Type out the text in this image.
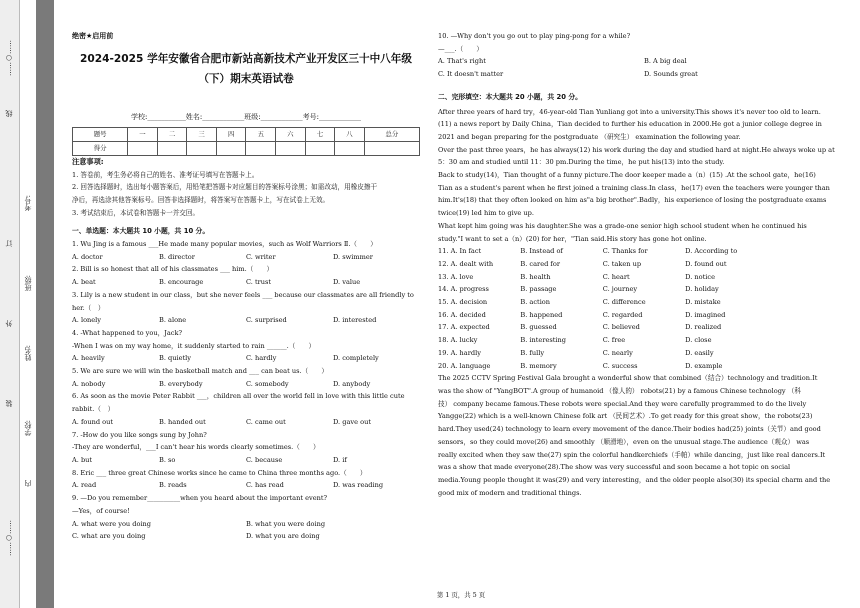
……○……
线
订
外
装
……○……
考号:
班级:
姓名:
学校:
内

绝密★启用前

2024-2025 学年安徽省合肥市新站高新技术产业开发区三十中八年级

（下）期末英语试卷

学校:___________姓名:____________班级:____________考号:____________
题号	一	二	三	四	五	六	七	八	总分
得分									
注意事项:
1. 答卷前，考生务必将自己的姓名、准考证号填写在答题卡上。
2. 回答选择题时，选出每小题答案后，用铅笔把答题卡对应题目的答案标号涂黑；如需改动，用橡皮擦干
净后，再选涂其他答案标号。回答非选择题时，将答案写在答题卡上，写在试卷上无效。
3. 考试结束后，本试卷和答题卡一并交回。
一、单选题：本大题共 10 小题，共 10 分。
1. Wu Jing is a famous ___He made many popular movies，such as Wolf Warriors Ⅱ.（　　）
A. doctor	B. director	C. writer	D. swimmer
2. Bill is so honest that all of his classmates ___ him.（　　）
A. beat	B. encourage	C. trust	D. value
3. Lily is a new student in our class，but she never feels ___ because our classmates are all friendly to her.（　）
A. lonely	B. alone	C. surprised	D. interested
4. -What happened to you，Jack?
-When I was on my way home，it suddenly started to rain ______.（　　）
A. heavily	B. quietly	C. hardly	D. completely
5. We are sure we will win the basketball match and ___ can beat us.（　　）
A. nobody	B. everybody	C. somebody	D. anybody
6. As soon as the movie Peter Rabbit ___，children all over the world fell in love with this little cute rabbit.（　）
A. found out	B. handed out	C. came out	D. gave out
7. -How do you like songs sung by John?
-They are wonderful，___I can't hear his words clearly sometimes.（　　）
A. but	B. so	C. because	D. if
8. Eric ___ three great Chinese works since he came to China three months ago.（　　）
A. read	B. reads	C. has read	D. was reading
9. —Do you remember__________when you heard about the important event?
—Yes，of course!
A. what were you doing	B. what you were doing
C. what are you doing	D. what you are doing

10. —Why don't you go out to play ping-pong for a while?

—___.（　　）

A. That's right	B. A big deal
C. It doesn't matter	D. Sounds great
二、完形填空：本大题共 20 小题，共 20 分。
After three years of hard try，46-year-old Tian Yunliang got into a university.This shows it's never too old to learn.
(11) a news report by Daily China，Tian decided to further his education in 2000.He got a junior college degree in
2021 and began preparing for the postgraduate （研究生） examination the following year.
Over the past three years，he has always(12) his work during the day and studied hard at night.He always woke up at
5：30 am and studied until 11：30 pm.During the time，he put his(13) into the study.
Back to study(14)，Tian thought of a funny picture.The door keeper made a（n）(15) .At the school gate，he(16)
Tian as a student's parent when he first joined a training class.In class，he(17) even the teachers were younger than
him.It's(18) that they often looked on him as"a big brother".Badly，his experience of losing the postgraduate exams
twice(19) led him to give up.
What kept him going was his daughter.She was a grade-one senior high school student when he continued his
study."I want to set a（n）(20) for her，"Tian said.His story has gone hot online.
11. A. In fact	B. Instead of	C. Thanks for	D. According to
12. A. dealt with	B. cared for	C. taken up	D. found out
13. A. love	B. health	C. heart	D. notice
14. A. progress	B. passage	C. journey	D. holiday
15. A. decision	B. action	C. difference	D. mistake
16. A. decided	B. happened	C. regarded	D. imagined
17. A. expected	B. guessed	C. believed	D. realized
18. A. lucky	B. interesting	C. free	D. close
19. A. hardly	B. fully	C. nearly	D. easily
20. A. language	B. memory	C. success	D. example
The 2025 CCTV Spring Festival Gala brought a wonderful show that combined（结合）technology and tradition.It
was the show of "YangBOT".A group of humanoid （像人的） robots(21) by a famous Chinese technology （科
技） company became famous.These robots were special.And they were carefully programmed to do the lively
Yangge(22) which is a well-known Chinese folk art （民间艺术）.To get ready for this great show，the robots(23)
hard.They used(24) technology to learn every movement of the dance.Their bodies had(25) joints（关节）and good
sensors，so they could move(26) and smoothly （顺滑地），even on the unusual stage.The audience（观众） was
really excited when they saw the(27) spin the colorful handkerchiefs（手帕）while dancing，just like real dancers.It
was a show that made everyone(28).The show was very successful and soon became a hot topic on social
media.Young people thought it was(29) and very interesting，and the older people also(30) its special charm and the
good mix of modern and traditional things.
第 1 页，共 5 页
